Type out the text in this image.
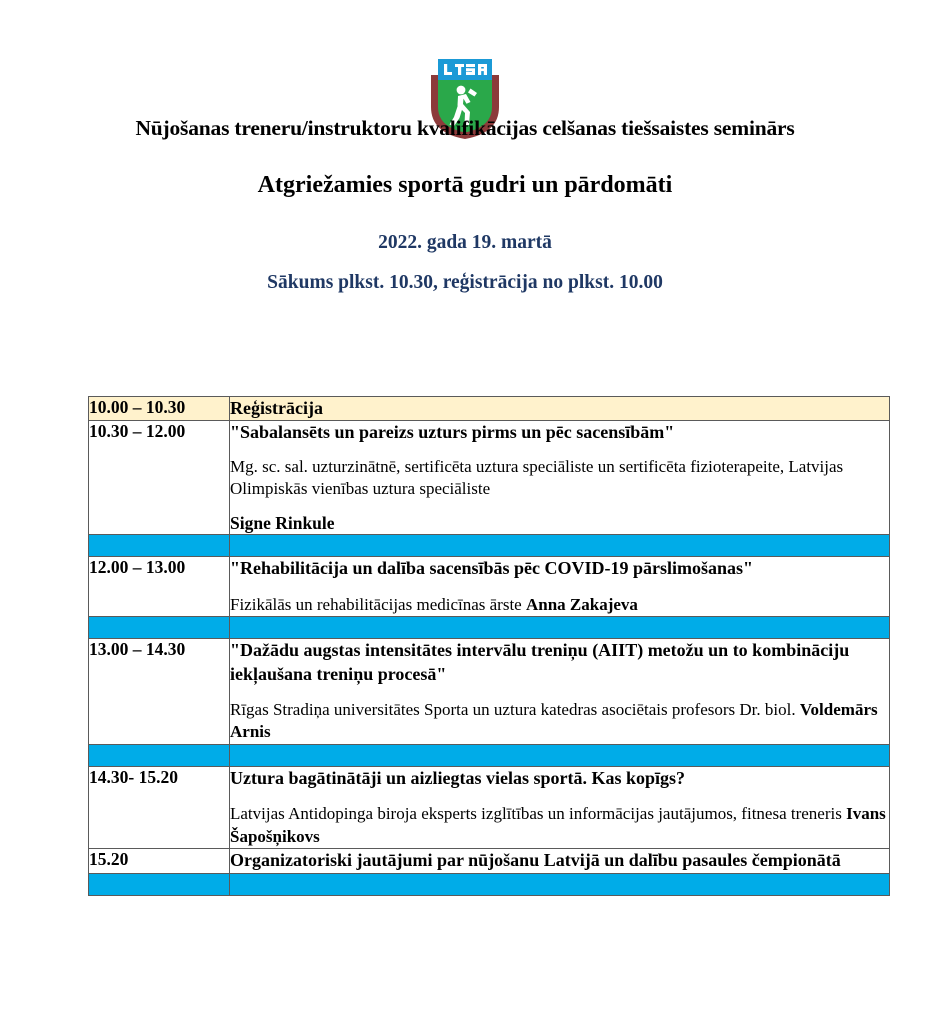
Nūjošanas treneru/instruktoru kvalifikācijas celšanas tiešsaistes seminārs
Atgriežamies sportā gudri un pārdomāti
2022. gada 19. martā
Sākums plkst. 10.30, reģistrācija no plkst. 10.00
10.00 – 10.30	Reģistrācija

10.30 – 12.00	"Sabalansēts un pareizs uzturs pirms un pēc sacensībām"

Mg. sc. sal. uzturzinātnē, sertificēta uztura speciāliste un sertificēta fizioterapeite, Latvijas Olimpiskās vienības uztura speciāliste

Signe Rinkule

12.00 – 13.00	"Rehabilitācija un dalība sacensībās pēc COVID-19 pārslimošanas"

Fizikālās un rehabilitācijas medicīnas ārste Anna Zakajeva

13.00 – 14.30	"Dažādu augstas intensitātes intervālu treniņu (AIIT) metožu un to kombināciju iekļaušana treniņu procesā"

Rīgas Stradiņa universitātes Sporta un uztura katedras asociētais profesors Dr. biol. Voldemārs Arnis

14.30- 15.20	Uztura bagātinātāji un aizliegtas vielas sportā. Kas kopīgs?

Latvijas Antidopinga biroja eksperts izglītības un informācijas jautājumos, fitnesa treneris Ivans Šapošņikovs

15.20	Organizatoriski jautājumi par nūjošanu Latvijā un dalību pasaules čempionātā
